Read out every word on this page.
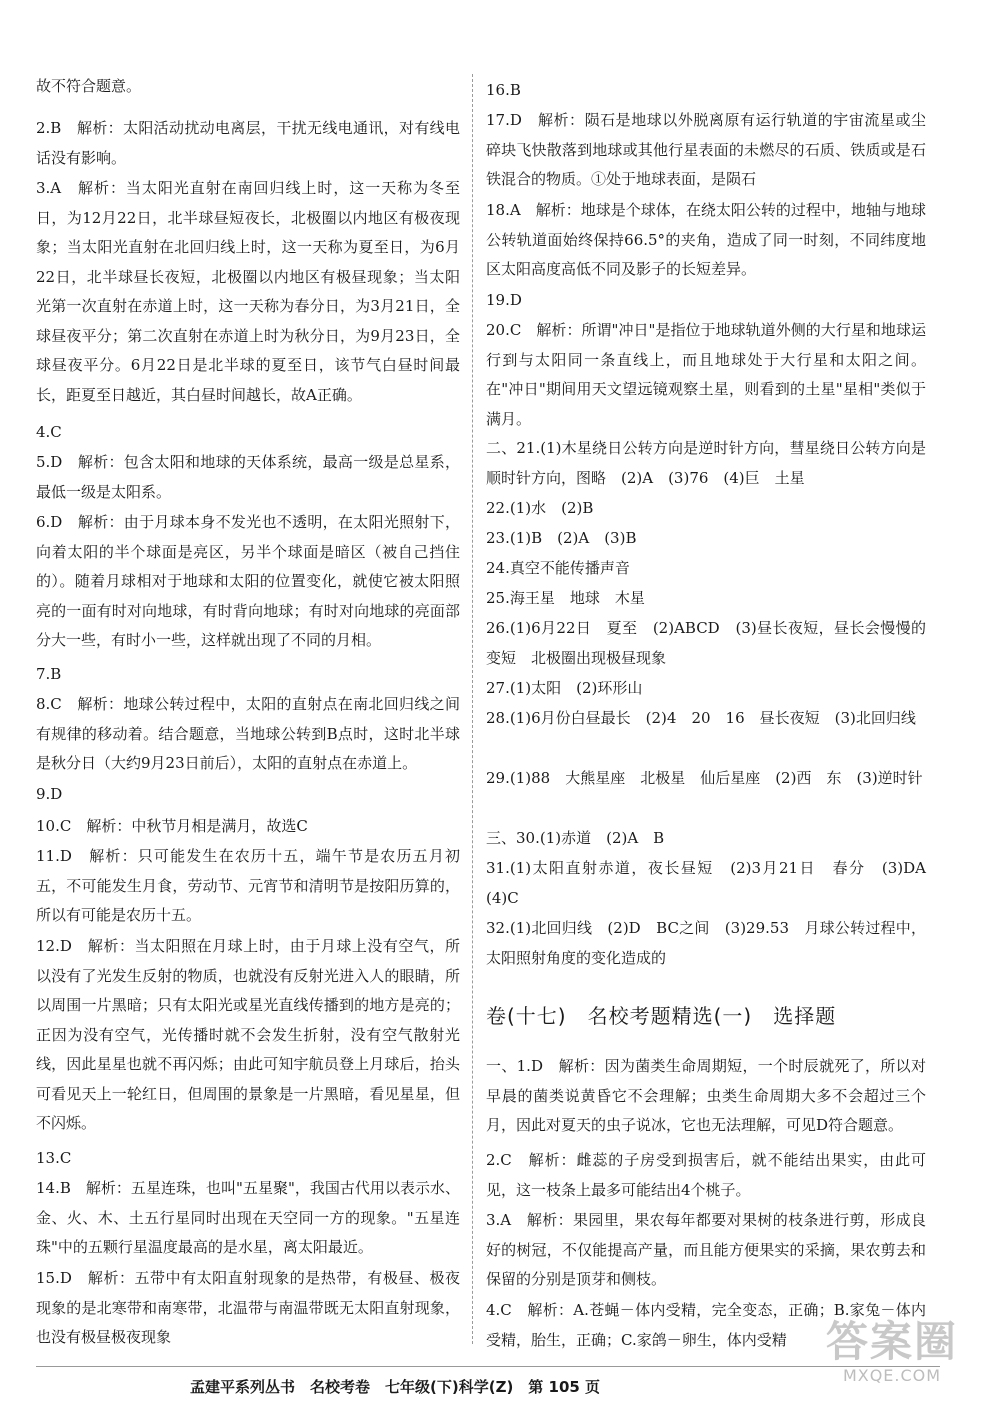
故不符合题意。
2.B　解析：太阳活动扰动电离层，干扰无线电通讯，对有线电话没有影响。
3.A　解析：当太阳光直射在南回归线上时，这一天称为冬至日，为12月22日，北半球昼短夜长，北极圈以内地区有极夜现象；当太阳光直射在北回归线上时，这一天称为夏至日，为6月22日，北半球昼长夜短，北极圈以内地区有极昼现象；当太阳光第一次直射在赤道上时，这一天称为春分日，为3月21日，全球昼夜平分；第二次直射在赤道上时为秋分日，为9月23日，全球昼夜平分。6月22日是北半球的夏至日，该节气白昼时间最长，距夏至日越近，其白昼时间越长，故A正确。
4.C
5.D　解析：包含太阳和地球的天体系统，最高一级是总星系，最低一级是太阳系。
6.D　解析：由于月球本身不发光也不透明，在太阳光照射下，向着太阳的半个球面是亮区，另半个球面是暗区（被自己挡住的）。随着月球相对于地球和太阳的位置变化，就使它被太阳照亮的一面有时对向地球，有时背向地球；有时对向地球的亮面部分大一些，有时小一些，这样就出现了不同的月相。
7.B
8.C　解析：地球公转过程中，太阳的直射点在南北回归线之间有规律的移动着。结合题意，当地球公转到B点时，这时北半球是秋分日（大约9月23日前后），太阳的直射点在赤道上。
9.D
10.C　解析：中秋节月相是满月，故选C
11.D　解析：只可能发生在农历十五，端午节是农历五月初五，不可能发生月食，劳动节、元宵节和清明节是按阳历算的，所以有可能是农历十五。
12.D　解析：当太阳照在月球上时，由于月球上没有空气，所以没有了光发生反射的物质，也就没有反射光进入人的眼睛，所以周围一片黑暗；只有太阳光或星光直线传播到的地方是亮的；正因为没有空气，光传播时就不会发生折射，没有空气散射光线，因此星星也就不再闪烁；由此可知宇航员登上月球后，抬头可看见天上一轮红日，但周围的景象是一片黑暗，看见星星，但不闪烁。
13.C
14.B　解析：五星连珠，也叫"五星聚"，我国古代用以表示水、金、火、木、土五行星同时出现在天空同一方的现象。"五星连珠"中的五颗行星温度最高的是水星，离太阳最近。
15.D　解析：五带中有太阳直射现象的是热带，有极昼、极夜现象的是北寒带和南寒带，北温带与南温带既无太阳直射现象，也没有极昼极夜现象
16.B
17.D　解析：陨石是地球以外脱离原有运行轨道的宇宙流星或尘碎块飞快散落到地球或其他行星表面的未燃尽的石质、铁质或是石铁混合的物质。①处于地球表面，是陨石
18.A　解析：地球是个球体，在绕太阳公转的过程中，地轴与地球公转轨道面始终保持66.5°的夹角，造成了同一时刻，不同纬度地区太阳高度高低不同及影子的长短差异。
19.D
20.C　解析：所谓"冲日"是指位于地球轨道外侧的大行星和地球运行到与太阳同一条直线上，而且地球处于大行星和太阳之间。在"冲日"期间用天文望远镜观察土星，则看到的土星"星相"类似于满月。
二、21.(1)木星绕日公转方向是逆时针方向，彗星绕日公转方向是顺时针方向，图略　(2)A　(3)76　(4)巨　土星
22.(1)水　(2)B
23.(1)B　(2)A　(3)B
24.真空不能传播声音
25.海王星　地球　木星
26.(1)6月22日　夏至　(2)ABCD　(3)昼长夜短，昼长会慢慢的变短　北极圈出现极昼现象
27.(1)太阳　(2)环形山
28.(1)6月份白昼最长　(2)4　20　16　昼长夜短　(3)北回归线
29.(1)88　大熊星座　北极星　仙后星座　(2)西　东　(3)逆时针
三、30.(1)赤道　(2)A　B
31.(1)太阳直射赤道，夜长昼短　(2)3月21日　春分　(3)DA　(4)C
32.(1)北回归线　(2)D　BC之间　(3)29.53　月球公转过程中，太阳照射角度的变化造成的
卷(十七)　名校考题精选(一)　选择题
一、1.D　解析：因为菌类生命周期短，一个时辰就死了，所以对早晨的菌类说黄昏它不会理解；虫类生命周期大多不会超过三个月，因此对夏天的虫子说冰，它也无法理解，可见D符合题意。
2.C　解析：雌蕊的子房受到损害后，就不能结出果实，由此可见，这一枝条上最多可能结出4个桃子。
3.A　解析：果园里，果农每年都要对果树的枝条进行剪，形成良好的树冠，不仅能提高产量，而且能方便果实的采摘，果农剪去和保留的分别是顶芽和侧枝。
4.C　解析：A.苍蝇－体内受精，完全变态，正确；B.家兔－体内受精，胎生，正确；C.家鸽－卵生，体内受精
孟建平系列丛书　名校考卷　七年级(下)科学(Z)　第 105 页
答案圈
MXQE.COM
